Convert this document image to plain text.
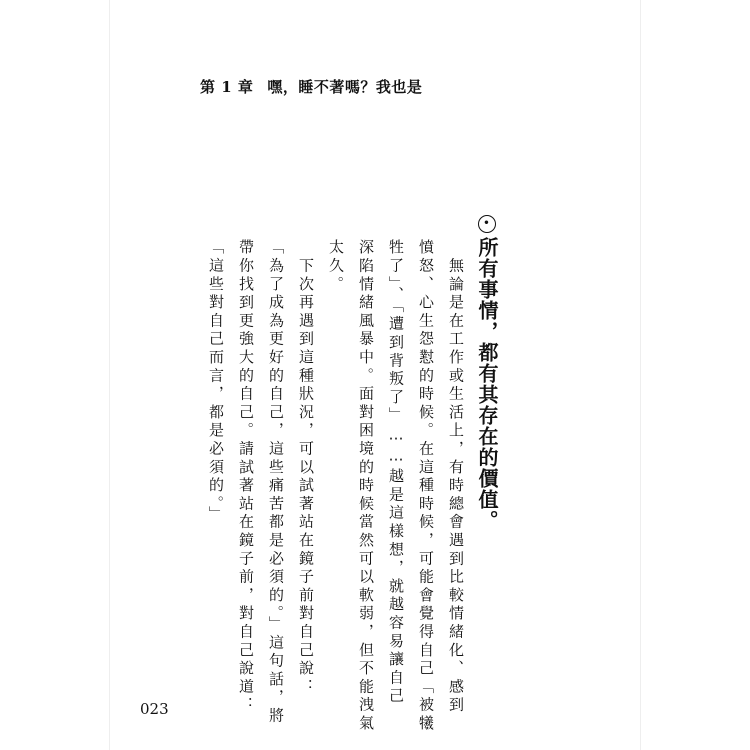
第 1 章 嘿，睡不著嗎？我也是
•所有事情，都有其存在的價值。
　無論是在工作或生活上，有時總會遇到比較情緒化、感到
憤怒、心生怨懟的時候。在這種時候，可能會覺得自己「被犧
牲了」、「遭到背叛了」……越是這樣想，就越容易讓自己
深陷情緒風暴中。面對困境的時候當然可以軟弱，但不能洩氣
太久。
　下次再遇到這種狀況，可以試著站在鏡子前對自己說：
「為了成為更好的自己，這些痛苦都是必須的。」這句話，將
帶你找到更強大的自己。請試著站在鏡子前，對自己說道：
「這些對自己而言，都是必須的。」
023
